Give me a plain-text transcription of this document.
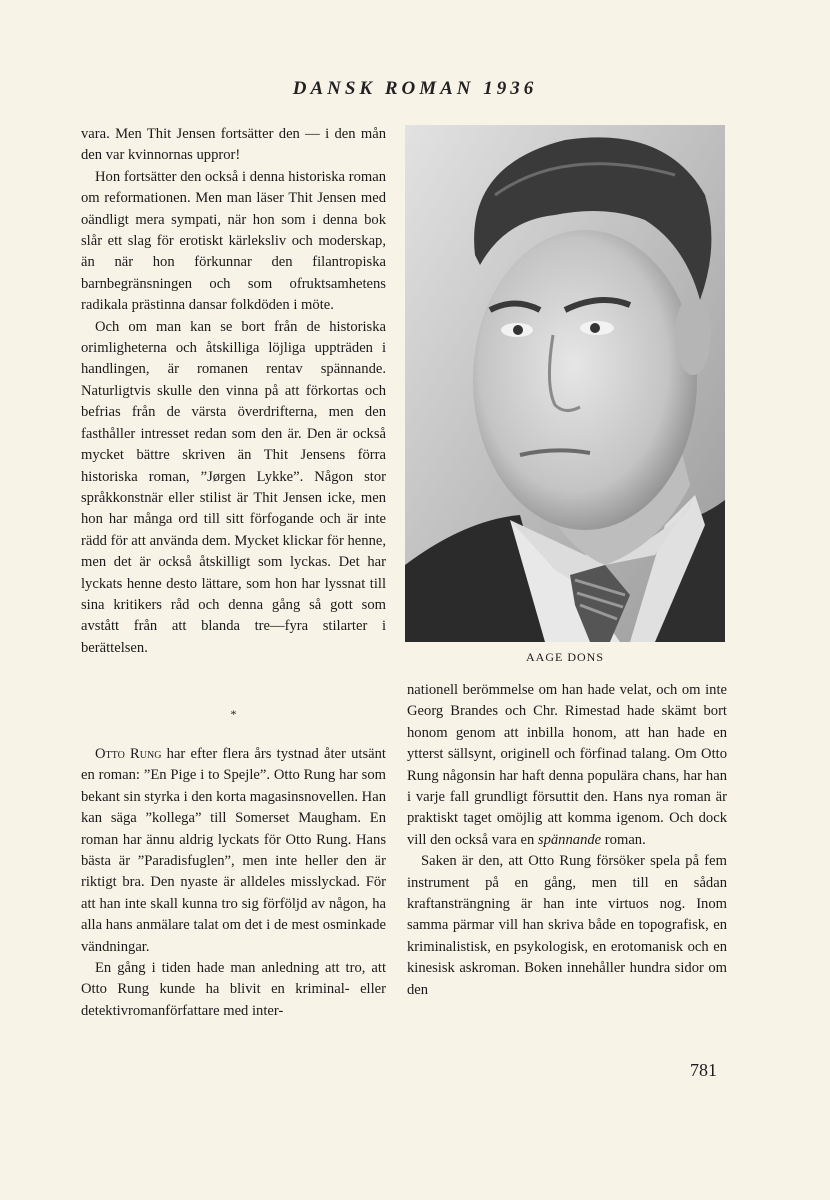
DANSK ROMAN 1936

vara. Men Thit Jensen fortsätter den — i den mån den var kvinnornas uppror!

Hon fortsätter den också i denna historiska roman om reformationen. Men man läser Thit Jensen med oändligt mera sympati, när hon som i denna bok slår ett slag för erotiskt kärleksliv och moderskap, än när hon förkunnar den filantropiska barnbegränsningen och som ofruktsamhetens radikala prästinna dansar folkdöden i möte.

Och om man kan se bort från de historiska orimligheterna och åtskilliga löjliga uppträden i handlingen, är romanen rentav spännande. Naturligtvis skulle den vinna på att förkortas och befrias från de värsta överdrifterna, men den fasthåller intresset redan som den är. Den är också mycket bättre skriven än Thit Jensens förra historiska roman, ”Jørgen Lykke”. Någon stor språkkonstnär eller stilist är Thit Jensen icke, men hon har många ord till sitt förfogande och är inte rädd för att använda dem. Mycket klickar för henne, men det är också åtskilligt som lyckas. Det har lyckats henne desto lättare, som hon har lyssnat till sina kritikers råd och denna gång så gott som avstått från att blanda tre—fyra stilarter i berättelsen.

*

Otto Rung har efter flera års tystnad åter utsänt en roman: ”En Pige i to Spejle”. Otto Rung har som bekant sin styrka i den korta magasinsnovellen. Han kan säga ”kollega” till Somerset Maugham. En roman har ännu aldrig lyckats för Otto Rung. Hans bästa är ”Paradisfuglen”, men inte heller den är riktigt bra. Den nyaste är alldeles misslyckad. För att han inte skall kunna tro sig förföljd av någon, ha alla hans anmälare talat om det i de mest osminkade vändningar.

En gång i tiden hade man anledning att tro, att Otto Rung kunde ha blivit en kriminal- eller detektivromanförfattare med inter-

AAGE DONS

nationell berömmelse om han hade velat, och om inte Georg Brandes och Chr. Rimestad hade skämt bort honom genom att inbilla honom, att han hade en ytterst sällsynt, originell och förfinad talang. Om Otto Rung någonsin har haft denna populära chans, har han i varje fall grundligt försuttit den. Hans nya roman är praktiskt taget omöjlig att komma igenom. Och dock vill den också vara en spännande roman.

Saken är den, att Otto Rung försöker spela på fem instrument på en gång, men till en sådan kraftansträngning är han inte virtuos nog. Inom samma pärmar vill han skriva både en topografisk, en kriminalistisk, en psykologisk, en erotomanisk och en kinesisk askroman. Boken innehåller hundra sidor om den

781
